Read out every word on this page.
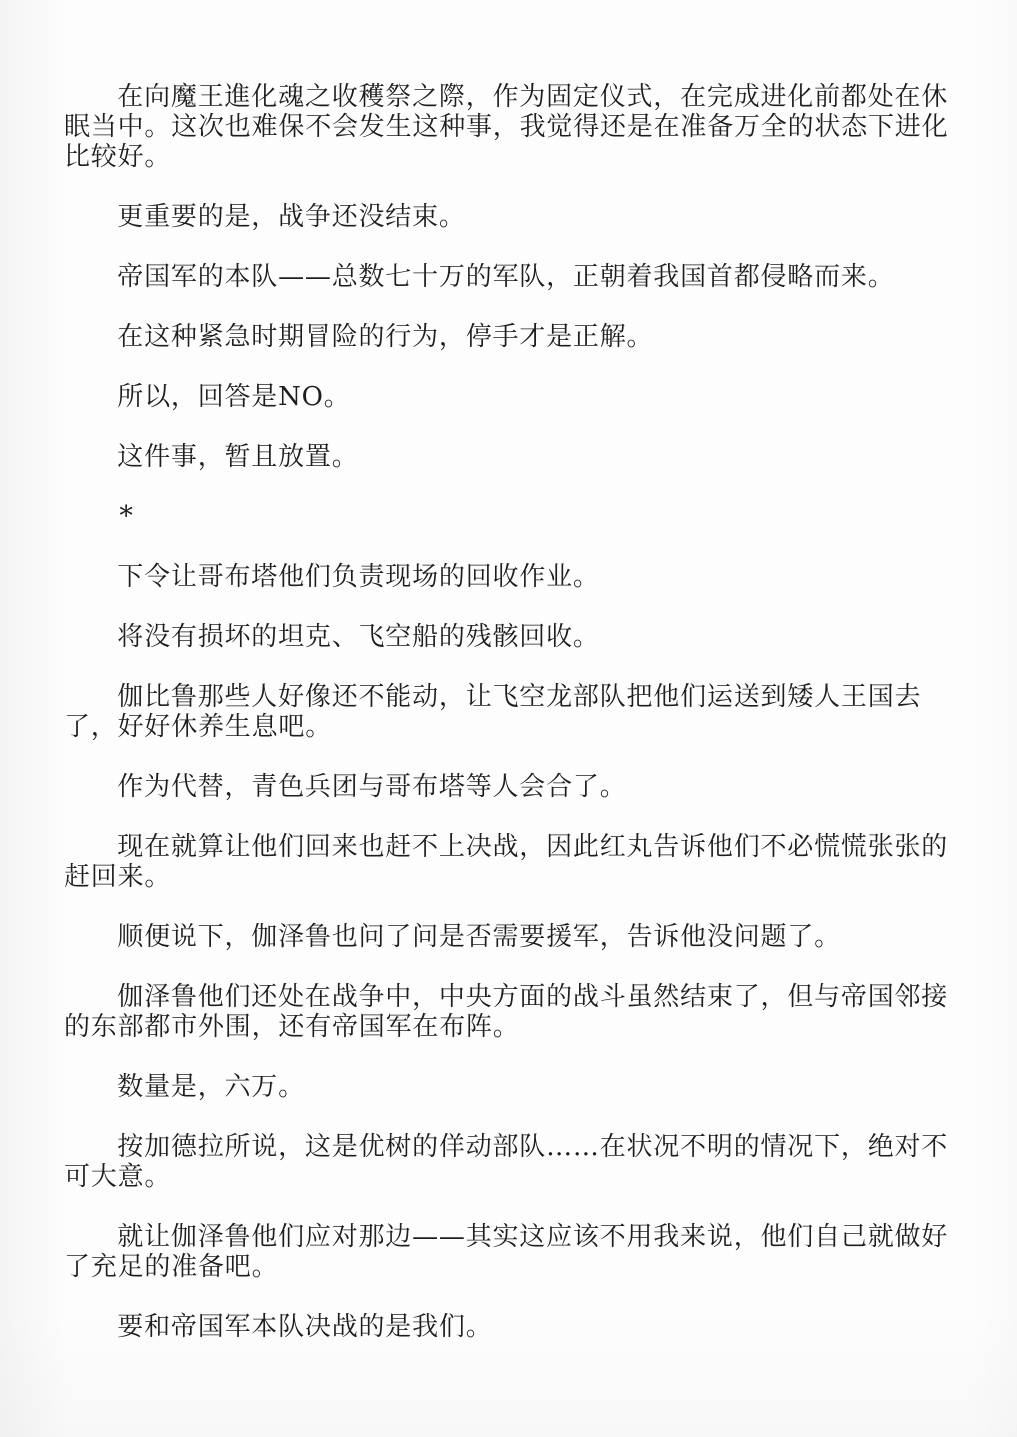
在向魔王進化魂之收穫祭之際，作为固定仪式，在完成进化前都处在休眠当中。这次也难保不会发生这种事，我觉得还是在准备万全的状态下进化比较好。

更重要的是，战争还没结束。

帝国军的本队——总数七十万的军队，正朝着我国首都侵略而来。

在这种紧急时期冒险的行为，停手才是正解。

所以，回答是NO。

这件事，暂且放置。

*

下令让哥布塔他们负责现场的回收作业。

将没有损坏的坦克、飞空船的残骸回收。

伽比鲁那些人好像还不能动，让飞空龙部队把他们运送到矮人王国去了，好好休养生息吧。

作为代替，青色兵团与哥布塔等人会合了。

现在就算让他们回来也赶不上决战，因此红丸告诉他们不必慌慌张张的赶回来。

顺便说下，伽泽鲁也问了问是否需要援军，告诉他没问题了。

伽泽鲁他们还处在战争中，中央方面的战斗虽然结束了，但与帝国邻接的东部都市外围，还有帝国军在布阵。

数量是，六万。

按加德拉所说，这是优树的佯动部队……在状况不明的情况下，绝对不可大意。

就让伽泽鲁他们应对那边——其实这应该不用我来说，他们自己就做好了充足的准备吧。

要和帝国军本队决战的是我们。
